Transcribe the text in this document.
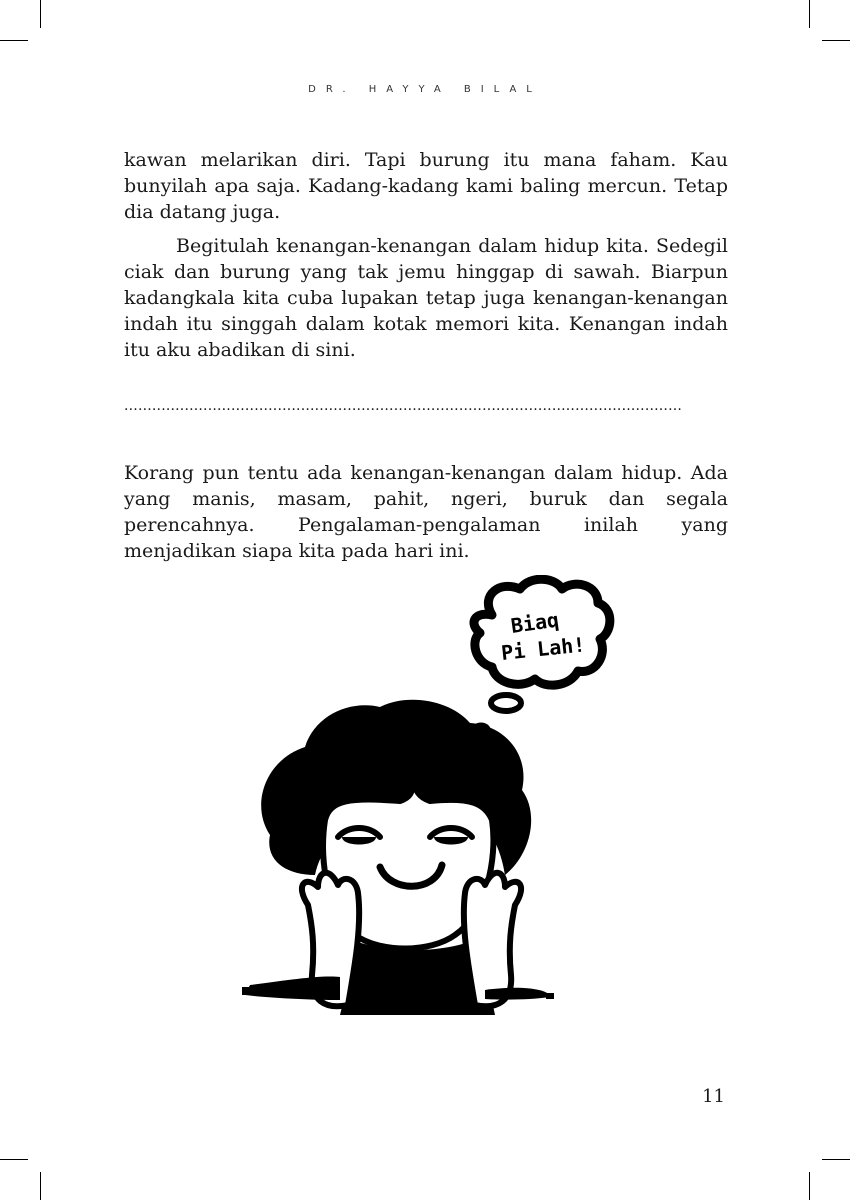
DR. HAYYA BILAL

kawan melarikan diri. Tapi burung itu mana faham. Kau bunyilah apa saja. Kadang-kadang kami baling mercun. Tetap dia datang juga.

Begitulah kenangan-kenangan dalam hidup kita. Sedegil ciak dan burung yang tak jemu hinggap di sawah. Biarpun kadangkala kita cuba lupakan tetap juga kenangan-kenangan indah itu singgah dalam kotak memori kita. Kenangan indah itu aku abadikan di sini.

........................................................................................................................

Korang pun tentu ada kenangan-kenangan dalam hidup. Ada yang manis, masam, pahit, ngeri, buruk dan segala perencahnya. Pengalaman-pengalaman inilah yang menjadikan siapa kita pada hari ini.

Biaq
Pi Lah!
11
